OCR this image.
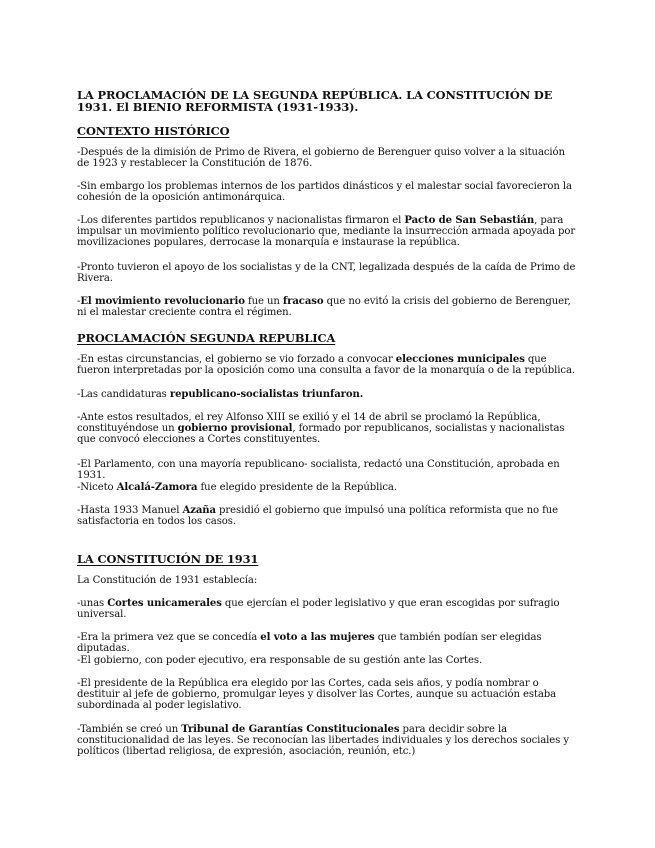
LA PROCLAMACIÓN DE LA SEGUNDA REPÚBLICA. LA CONSTITUCIÓN DE 1931. El BIENIO REFORMISTA (1931-1933).
CONTEXTO HISTÓRICO
-Después de la dimisión de Primo de Rivera, el gobierno de Berenguer quiso volver a la situación de 1923 y restablecer la Constitución de 1876.
-Sin embargo los problemas internos de los partidos dinásticos y el malestar social favorecieron la cohesión de la oposición antimonárquica.
-Los diferentes partidos republicanos y nacionalistas firmaron el Pacto de San Sebastián, para impulsar un movimiento político revolucionario que, mediante la insurrección armada apoyada por movilizaciones populares, derrocase la monarquía e instaurase la república.
-Pronto tuvieron el apoyo de los socialistas y de la CNT, legalizada después de la caída de Primo de Rivera.
-El movimiento revolucionario fue un fracaso que no evitó la crisis del gobierno de Berenguer, ni el malestar creciente contra el régimen.
PROCLAMACIÓN SEGUNDA REPUBLICA
-En estas circunstancias, el gobierno se vio forzado a convocar elecciones municipales que fueron interpretadas por la oposición como una consulta a favor de la monarquía o de la república.
-Las candidaturas republicano-socialistas triunfaron.
-Ante estos resultados, el rey Alfonso XIII se exilió y el 14 de abril se proclamó la República, constituyéndose un gobierno provisional, formado por republicanos, socialistas y nacionalistas que convocó elecciones a Cortes constituyentes.
-El Parlamento, con una mayoría republicano- socialista, redactó una Constitución, aprobada en 1931.
-Niceto Alcalá-Zamora fue elegido presidente de la República.
-Hasta 1933 Manuel Azaña presidió el gobierno que impulsó una política reformista que no fue satisfactoria en todos los casos.
LA CONSTITUCIÓN DE 1931
La Constitución de 1931 establecía:
-unas Cortes unicamerales que ejercían el poder legislativo y que eran escogidas por sufragio universal.
-Era la primera vez que se concedía el voto a las mujeres que también podían ser elegidas diputadas.
-El gobierno, con poder ejecutivo, era responsable de su gestión ante las Cortes.
-El presidente de la República era elegido por las Cortes, cada seis años, y podía nombrar o destituir al jefe de gobierno, promulgar leyes y disolver las Cortes, aunque su actuación estaba subordinada al poder legislativo.
-También se creó un Tribunal de Garantías Constitucionales para decidir sobre la constitucionalidad de las leyes. Se reconocían las libertades individuales y los derechos sociales y políticos (libertad religiosa, de expresión, asociación, reunión, etc.)
